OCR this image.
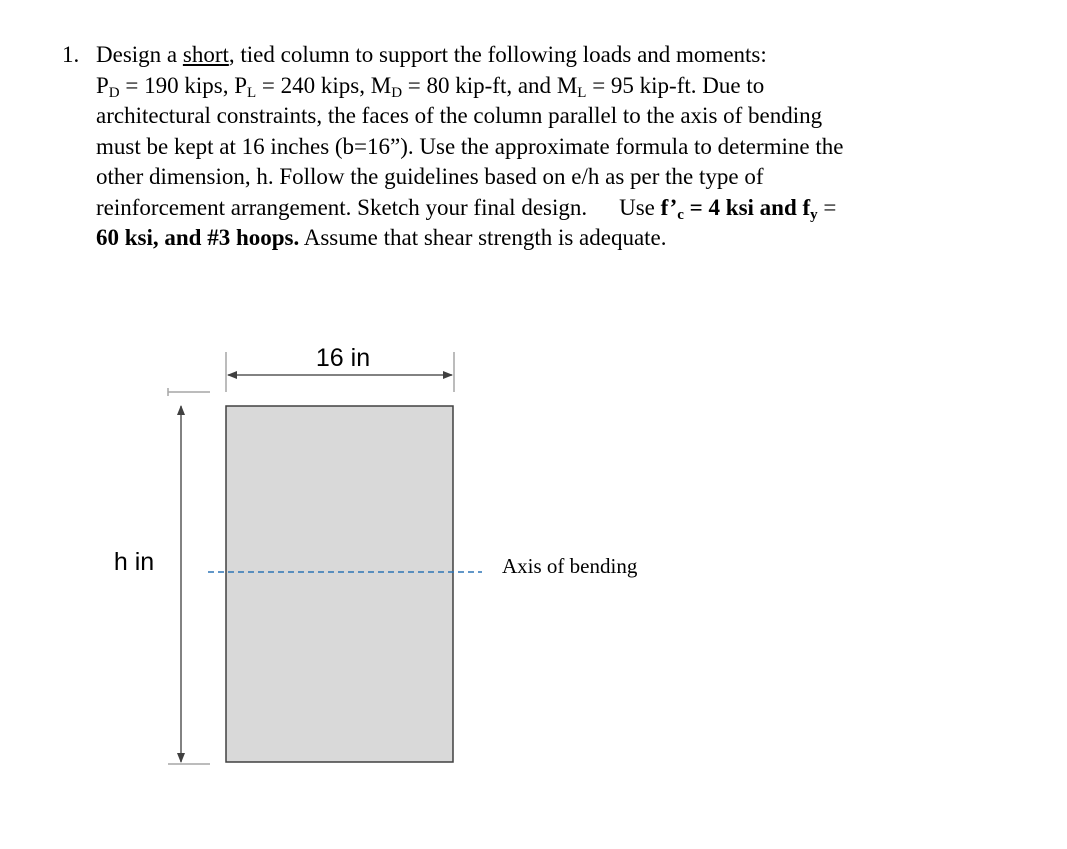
1. Design a short, tied column to support the following loads and moments:
$P_D = 190$ kips, $P_L = 240$ kips, $M_D = 80$ kip-ft, and $M_L = 95$ kip-ft. Due to
architectural constraints, the faces of the column parallel to the axis of bending
must be kept at 16 inches (b=16”). Use the approximate formula to determine the
other dimension, h. Follow the guidelines based on e/h as per the type of
reinforcement arrangement. Sketch your final design. Use $f’_c = 4$ ksi and $f_y$ =
60 ksi, and #3 hoops. Assume that shear strength is adequate.
16 in
h in	Axis of bending
